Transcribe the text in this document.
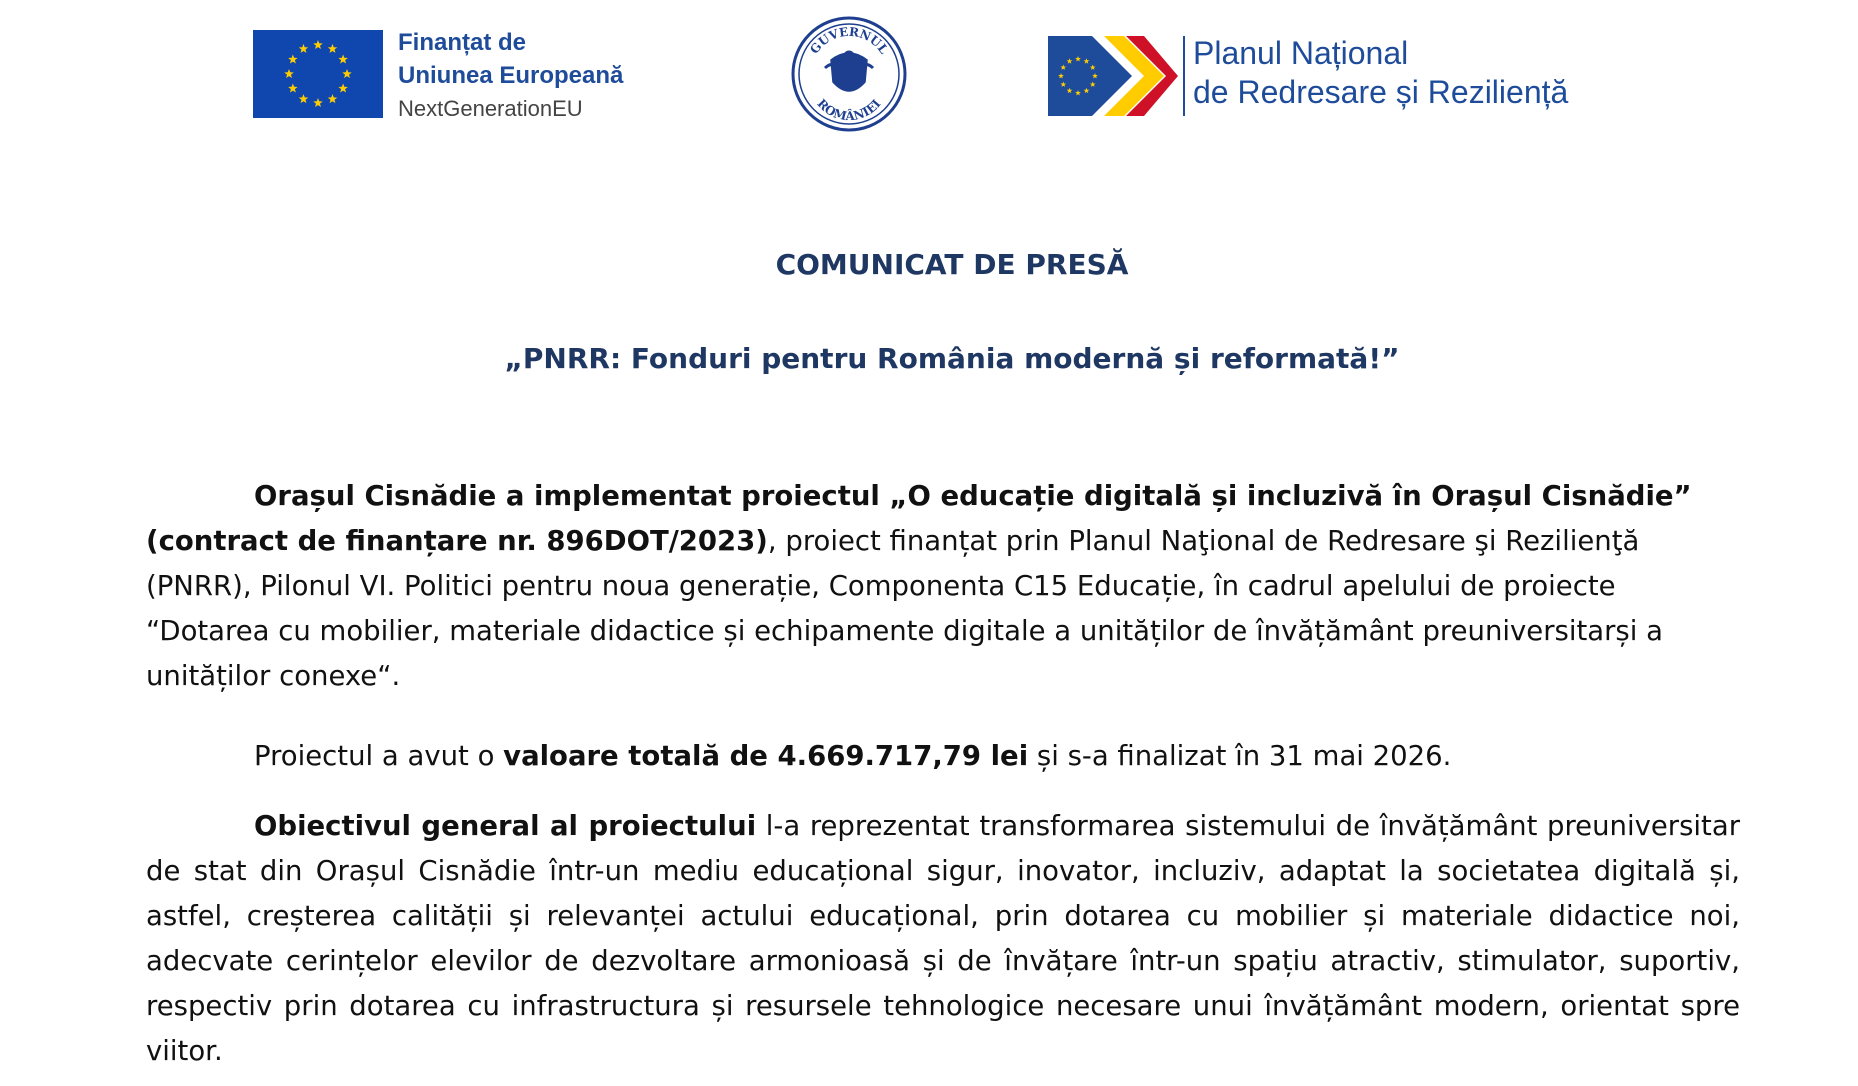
Finanțat de
Uniunea Europeană
NextGenerationEU
GUVERNUL
ROMÂNIEI
Planul Național
de Redresare și Reziliență
COMUNICAT DE PRESĂ
„PNRR: Fonduri pentru România modernă și reformată!”

Orașul Cisnădie a implementat proiectul „O educație digitală și incluzivă în Orașul Cisnădie” (contract de finanțare nr. 896DOT/2023), proiect finanțat prin Planul Naţional de Redresare şi Rezilienţă (PNRR), Pilonul VI. Politici pentru noua generație, Componenta C15 Educație, în cadrul apelului de proiecte “Dotarea cu mobilier, materiale didactice și echipamente digitale a unităților de învățământ preuniversitarși a unităților conexe“.

Proiectul a avut o valoare totală de 4.669.717,79 lei și s-a finalizat în 31 mai 2026.

Obiectivul general al proiectului l-a reprezentat transformarea sistemului de învățământ preuniversitar de stat din Orașul Cisnădie într-un mediu educațional sigur, inovator, incluziv, adaptat la societatea digitală și, astfel, creșterea calității și relevanței actului educațional, prin dotarea cu mobilier și materiale didactice noi, adecvate cerințelor elevilor de dezvoltare armonioasă și de învățare într-un spațiu atractiv, stimulator, suportiv, respectiv prin dotarea cu infrastructura și resursele tehnologice necesare unui învățământ modern, orientat spre viitor.
